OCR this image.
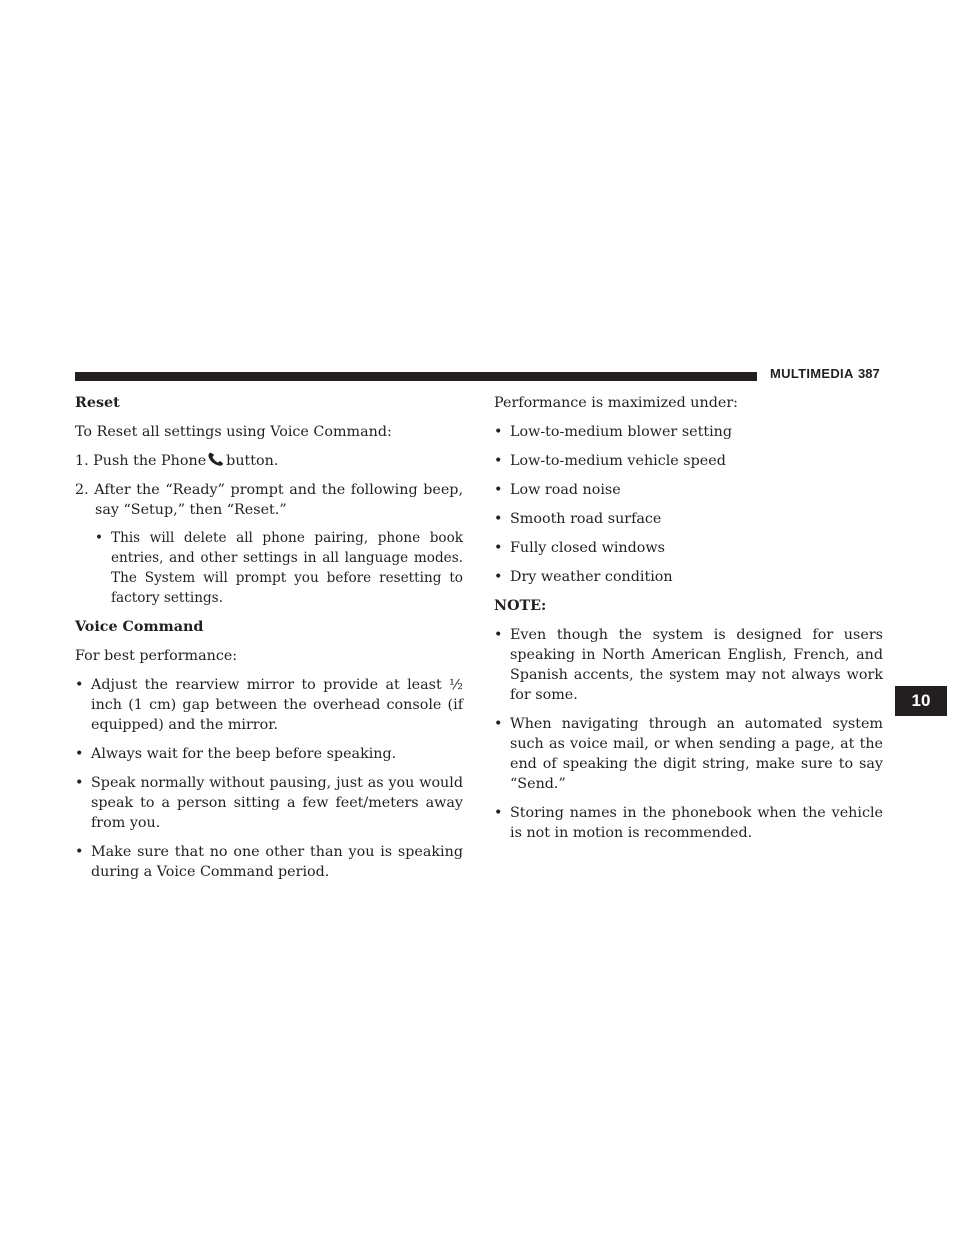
MULTIMEDIA 387
10

Reset

To Reset all settings using Voice Command:

1. Push the Phone button.

2. After the “Ready” prompt and the following beep, say “Setup,” then “Reset.”

• This will delete all phone pairing, phone book entries, and other settings in all language modes. The System will prompt you before resetting to factory settings.

Voice Command

For best performance:

• Adjust the rearview mirror to provide at least ½ inch (1 cm) gap between the overhead console (if equipped) and the mirror.
• Always wait for the beep before speaking.
• Speak normally without pausing, just as you would speak to a person sitting a few feet/meters away from you.
• Make sure that no one other than you is speaking during a Voice Command period.

Performance is maximized under:

• Low-to-medium blower setting
• Low-to-medium vehicle speed
• Low road noise
• Smooth road surface
• Fully closed windows
• Dry weather condition

NOTE:

• Even though the system is designed for users speaking in North American English, French, and Spanish accents, the system may not always work for some.
• When navigating through an automated system such as voice mail, or when sending a page, at the end of speaking the digit string, make sure to say “Send.”
• Storing names in the phonebook when the vehicle is not in motion is recommended.
